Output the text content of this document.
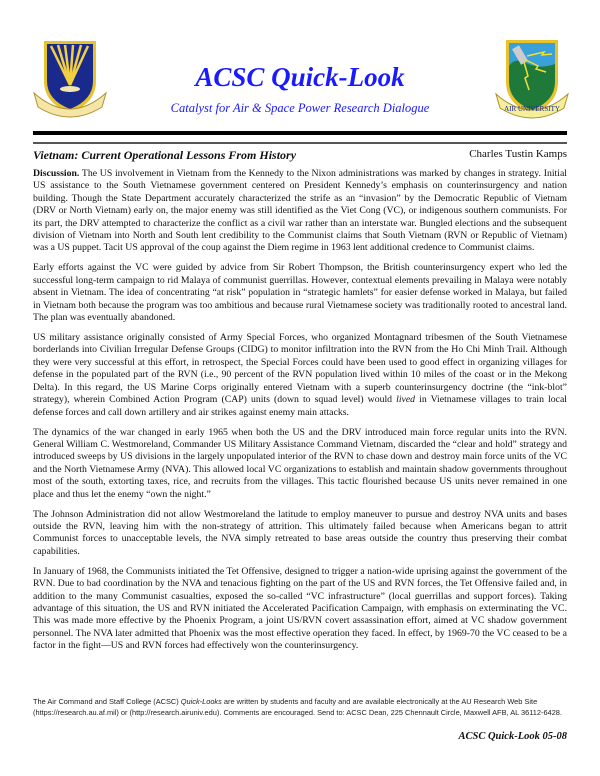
AIR UNIVERSITY
ACSC Quick-Look
Catalyst for Air & Space Power Research Dialogue
Vietnam: Current Operational Lessons From History	Charles Tustin Kamps

Discussion. The US involvement in Vietnam from the Kennedy to the Nixon administrations was marked by changes in strategy. Initial US assistance to the South Vietnamese government centered on President Kennedy’s emphasis on counterinsurgency and nation building. Though the State Department accurately characterized the strife as an “invasion” by the Democratic Republic of Vietnam (DRV or North Vietnam) early on, the major enemy was still identified as the Viet Cong (VC), or indigenous southern communists. For its part, the DRV attempted to characterize the conflict as a civil war rather than an interstate war. Bungled elections and the subsequent division of Vietnam into North and South lent credibility to the Communist claims that South Vietnam (RVN or Republic of Vietnam) was a US puppet. Tacit US approval of the coup against the Diem regime in 1963 lent additional credence to Communist claims.

Early efforts against the VC were guided by advice from Sir Robert Thompson, the British counterinsurgency expert who led the successful long-term campaign to rid Malaya of communist guerrillas. However, contextual elements prevailing in Malaya were notably absent in Vietnam. The idea of concentrating “at risk” population in “strategic hamlets” for easier defense worked in Malaya, but failed in Vietnam both because the program was too ambitious and because rural Vietnamese society was traditionally rooted to ancestral land. The plan was eventually abandoned.

US military assistance originally consisted of Army Special Forces, who organized Montagnard tribesmen of the South Vietnamese borderlands into Civilian Irregular Defense Groups (CIDG) to monitor infiltration into the RVN from the Ho Chi Minh Trail. Although they were very successful at this effort, in retrospect, the Special Forces could have been used to good effect in organizing villages for defense in the populated part of the RVN (i.e., 90 percent of the RVN population lived within 10 miles of the coast or in the Mekong Delta). In this regard, the US Marine Corps originally entered Vietnam with a superb counterinsurgency doctrine (the “ink-blot” strategy), wherein Combined Action Program (CAP) units (down to squad level) would lived in Vietnamese villages to train local defense forces and call down artillery and air strikes against enemy main attacks.

The dynamics of the war changed in early 1965 when both the US and the DRV introduced main force regular units into the RVN. General William C. Westmoreland, Commander US Military Assistance Command Vietnam, discarded the “clear and hold” strategy and introduced sweeps by US divisions in the largely unpopulated interior of the RVN to chase down and destroy main force units of the VC and the North Vietnamese Army (NVA). This allowed local VC organizations to establish and maintain shadow governments throughout most of the south, extorting taxes, rice, and recruits from the villages. This tactic flourished because US units never remained in one place and thus let the enemy “own the night.”

The Johnson Administration did not allow Westmoreland the latitude to employ maneuver to pursue and destroy NVA units and bases outside the RVN, leaving him with the non-strategy of attrition. This ultimately failed because when Americans began to attrit Communist forces to unacceptable levels, the NVA simply retreated to base areas outside the country thus preserving their combat capabilities.

In January of 1968, the Communists initiated the Tet Offensive, designed to trigger a nation-wide uprising against the government of the RVN. Due to bad coordination by the NVA and tenacious fighting on the part of the US and RVN forces, the Tet Offensive failed and, in addition to the many Communist casualties, exposed the so-called “VC infrastructure” (local guerrillas and support forces). Taking advantage of this situation, the US and RVN initiated the Accelerated Pacification Campaign, with emphasis on exterminating the VC. This was made more effective by the Phoenix Program, a joint US/RVN covert assassination effort, aimed at VC shadow government personnel. The NVA later admitted that Phoenix was the most effective operation they faced. In effect, by 1969-70 the VC ceased to be a factor in the fight—US and RVN forces had effectively won the counterinsurgency.

The Air Command and Staff College (ACSC) Quick-Looks are written by students and faculty and are available electronically at the AU Research Web Site (https://research.au.af.mil) or (http://research.airuniv.edu). Comments are encouraged. Send to: ACSC Dean, 225 Chennault Circle, Maxwell AFB, AL 36112-6428.
ACSC Quick-Look 05-08
